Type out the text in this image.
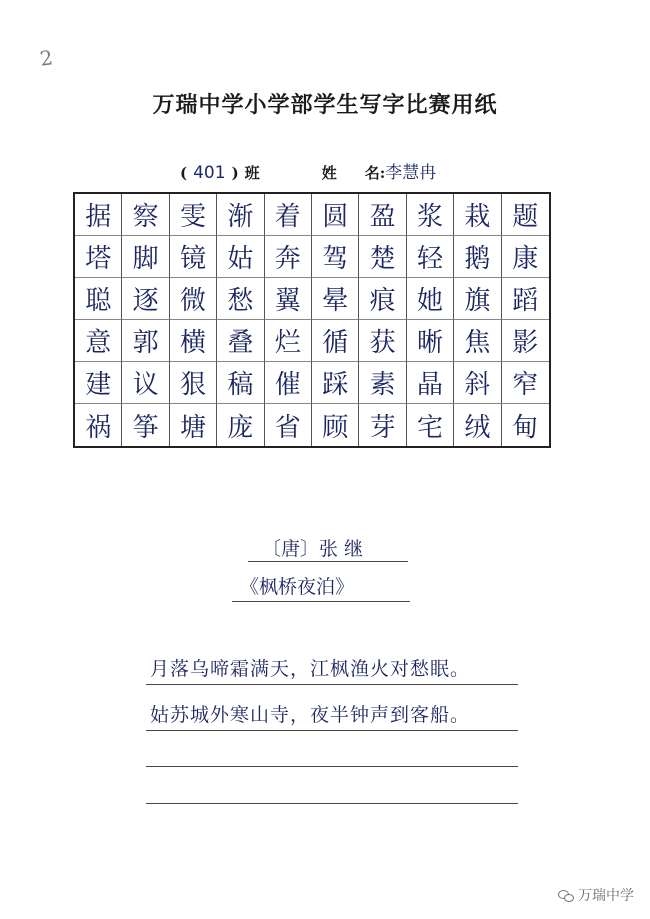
2
万瑞中学小学部学生写字比赛用纸
( 401 ) 班	姓 名: 李慧冉
据 察 雯 渐 着 圆 盈 浆 栽 题
塔 脚 镜 姑 奔 驾 楚 轻 鹅 康
聪 逐 微 愁 翼 晕 痕 她 旗 蹈
意 郭 横 叠 烂 循 获 晰 焦 影
建 议 狠 稿 催 踩 素 晶 斜 窄
祸 筝 塘 庞 省 顾 芽 宅 绒 甸
〔唐〕张 继
《枫桥夜泊》
月落乌啼霜满天，江枫渔火对愁眠。
姑苏城外寒山寺，夜半钟声到客船。
万瑞中学
